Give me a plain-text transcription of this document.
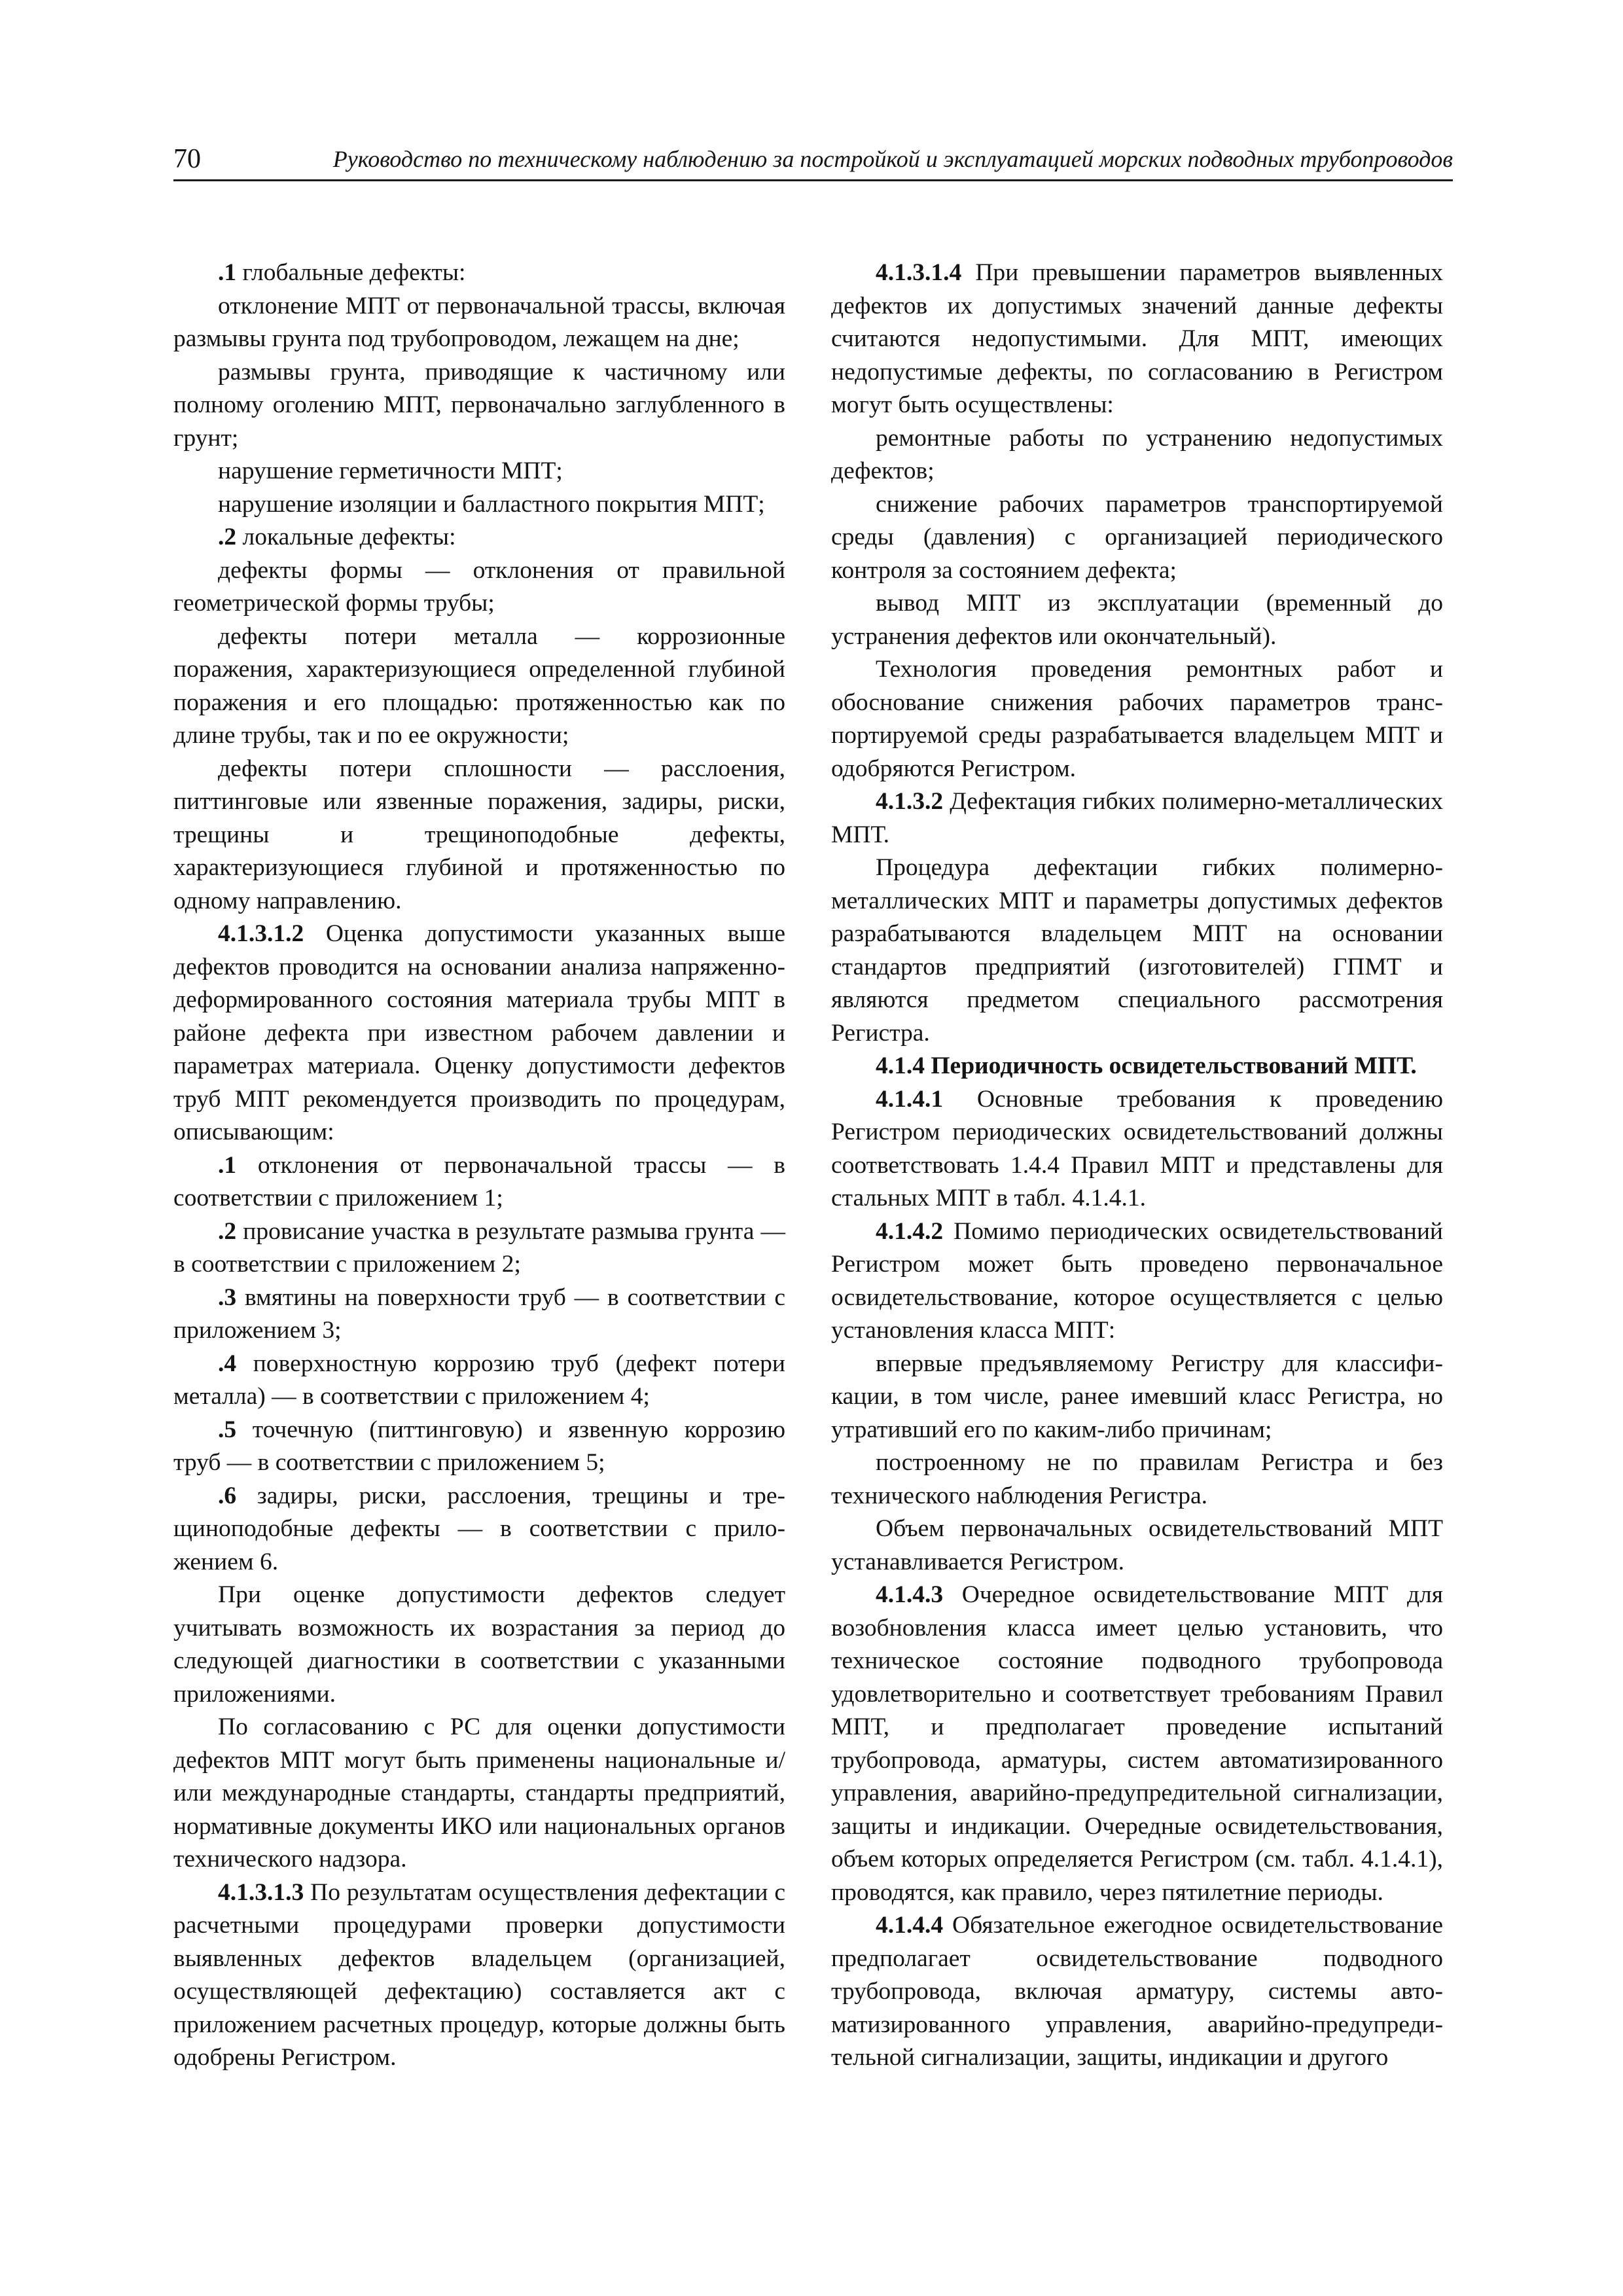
70	Руководство по техническому наблюдению за постройкой и эксплуатацией морских подводных трубопроводов

.1 глобальные дефекты:

отклонение МПТ от первоначальной трассы, включая размывы грунта под трубопроводом, лежащем на дне;

размывы грунта, приводящие к частичному или полному оголению МПТ, первоначально заглубленного в грунт;

нарушение герметичности МПТ;

нарушение изоляции и балластного покрытия МПТ;

.2 локальные дефекты:

дефекты формы — отклонения от правильной геометрической формы трубы;

дефекты потери металла — коррозионные поражения, характеризующиеся определенной глубиной поражения и его площадью: протяженностью как по длине трубы, так и по ее окружности;

дефекты потери сплошности — расслоения, питтинговые или язвенные поражения, задиры, риски, трещины и трещиноподобные дефекты, характеризующиеся глубиной и протяженностью по одному направлению.

4.1.3.1.2 Оценка допустимости указанных выше дефектов проводится на основании анализа напряженно-деформированного состояния материала трубы МПТ в районе дефекта при известном рабочем давлении и параметрах материала. Оценку допустимости дефектов труб МПТ рекомендуется производить по процедурам, описывающим:

.1 отклонения от первоначальной трассы — в соответствии с приложением 1;

.2 провисание участка в результате размыва грунта — в соответствии с приложением 2;

.3 вмятины на поверхности труб — в соответствии с приложением 3;

.4 поверхностную коррозию труб (дефект потери металла) — в соответствии с приложением 4;

.5 точечную (питтинговую) и язвенную коррозию труб — в соответствии с приложением 5;

.6 задиры, риски, расслоения, трещины и трещиноподобные дефекты — в соответствии с приложением 6.

При оценке допустимости дефектов следует учитывать возможность их возрастания за период до следующей диагностики в соответствии с указанными приложениями.

По согласованию с РС для оценки допустимости дефектов МПТ могут быть применены национальные и/или международные стандарты, стандарты предприятий, нормативные документы ИКО или национальных органов технического надзора.

4.1.3.1.3 По результатам осуществления дефектации с расчетными процедурами проверки допустимости выявленных дефектов владельцем (организацией, осуществляющей дефектацию) составляется акт с приложением расчетных процедур, которые должны быть одобрены Регистром.

4.1.3.1.4 При превышении параметров выявленных дефектов их допустимых значений данные дефекты считаются недопустимыми. Для МПТ, имеющих недопустимые дефекты, по согласованию в Регистром могут быть осуществлены:

ремонтные работы по устранению недопустимых дефектов;

снижение рабочих параметров транспортируемой среды (давления) с организацией периодического контроля за состоянием дефекта;

вывод МПТ из эксплуатации (временный до устранения дефектов или окончательный).

Технология проведения ремонтных работ и обоснование снижения рабочих параметров транспортируемой среды разрабатывается владельцем МПТ и одобряются Регистром.

4.1.3.2 Дефектация гибких полимерно-металлических МПТ.

Процедура дефектации гибких полимерно-металлических МПТ и параметры допустимых дефектов разрабатываются владельцем МПТ на основании стандартов предприятий (изготовителей) ГПМТ и являются предметом специального рассмотрения Регистра.

4.1.4 Периодичность освидетельствований МПТ.

4.1.4.1 Основные требования к проведению Регистром периодических освидетельствований должны соответствовать 1.4.4 Правил МПТ и представлены для стальных МПТ в табл. 4.1.4.1.

4.1.4.2 Помимо периодических освидетельствований Регистром может быть проведено первоначальное освидетельствование, которое осуществляется с целью установления класса МПТ:

впервые предъявляемому Регистру для классификации, в том числе, ранее имевший класс Регистра, но утративший его по каким-либо причинам;

построенному не по правилам Регистра и без технического наблюдения Регистра.

Объем первоначальных освидетельствований МПТ устанавливается Регистром.

4.1.4.3 Очередное освидетельствование МПТ для возобновления класса имеет целью установить, что техническое состояние подводного трубопровода удовлетворительно и соответствует требованиям Правил МПТ, и предполагает проведение испытаний трубопровода, арматуры, систем автоматизированного управления, аварийно-предупредительной сигнализации, защиты и индикации. Очередные освидетельствования, объем которых определяется Регистром (см. табл. 4.1.4.1), проводятся, как правило, через пятилетние периоды.

4.1.4.4 Обязательное ежегодное освидетельствование предполагает освидетельствование подводного трубопровода, включая арматуру, системы автоматизированного управления, аварийно-предупредительной сигнализации, защиты, индикации и другого
